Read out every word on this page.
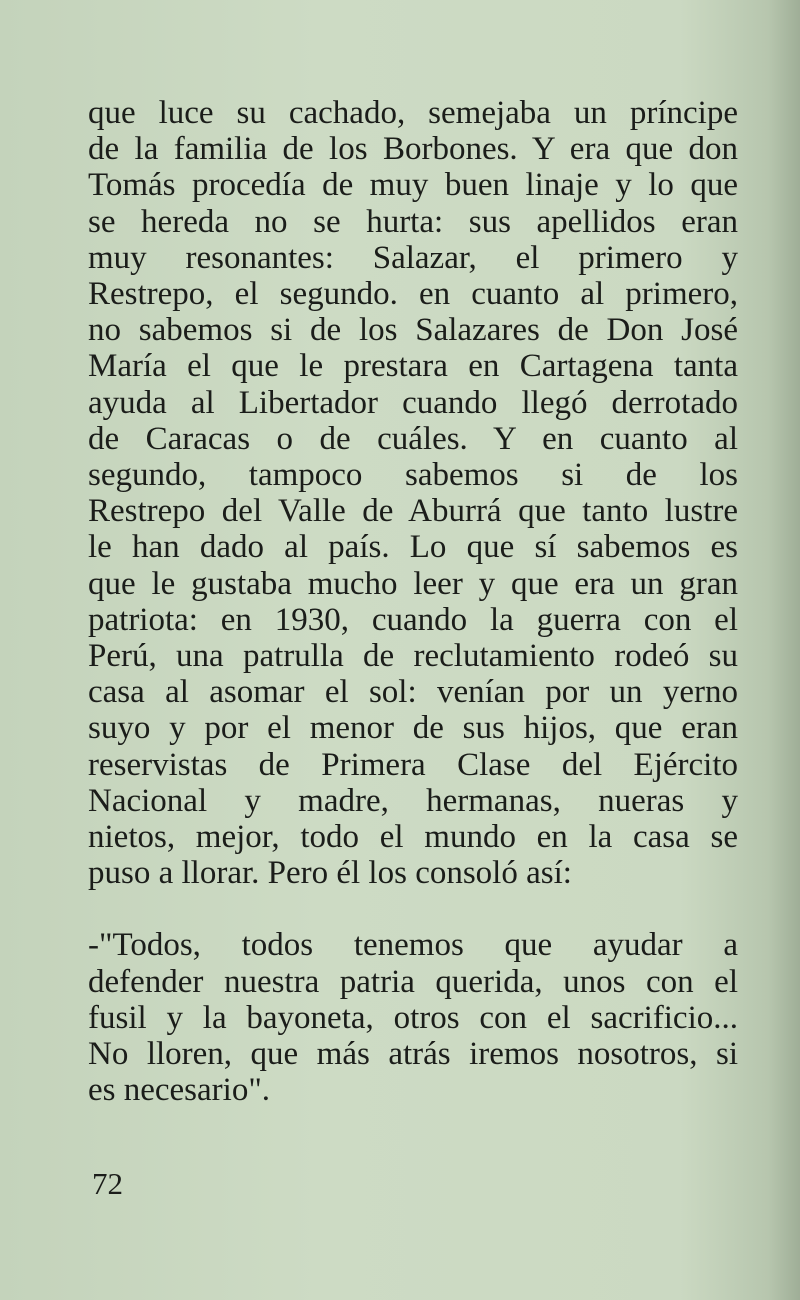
que luce su cachado, semejaba un príncipe
de la familia de los Borbones. Y era que don
Tomás procedía de muy buen linaje y lo que
se hereda no se hurta: sus apellidos eran
muy resonantes: Salazar, el primero y
Restrepo, el segundo. en cuanto al primero,
no sabemos si de los Salazares de Don José
María el que le prestara en Cartagena tanta
ayuda al Libertador cuando llegó derrotado
de Caracas o de cuáles. Y en cuanto al
segundo, tampoco sabemos si de los
Restrepo del Valle de Aburrá que tanto lustre
le han dado al país. Lo que sí sabemos es
que le gustaba mucho leer y que era un gran
patriota: en 1930, cuando la guerra con el
Perú, una patrulla de reclutamiento rodeó su
casa al asomar el sol: venían por un yerno
suyo y por el menor de sus hijos, que eran
reservistas de Primera Clase del Ejército
Nacional y madre, hermanas, nueras y
nietos, mejor, todo el mundo en la casa se
puso a llorar. Pero él los consoló así:
-"Todos, todos tenemos que ayudar a
defender nuestra patria querida, unos con el
fusil y la bayoneta, otros con el sacrificio...
No lloren, que más atrás iremos nosotros, si
es necesario".
72
